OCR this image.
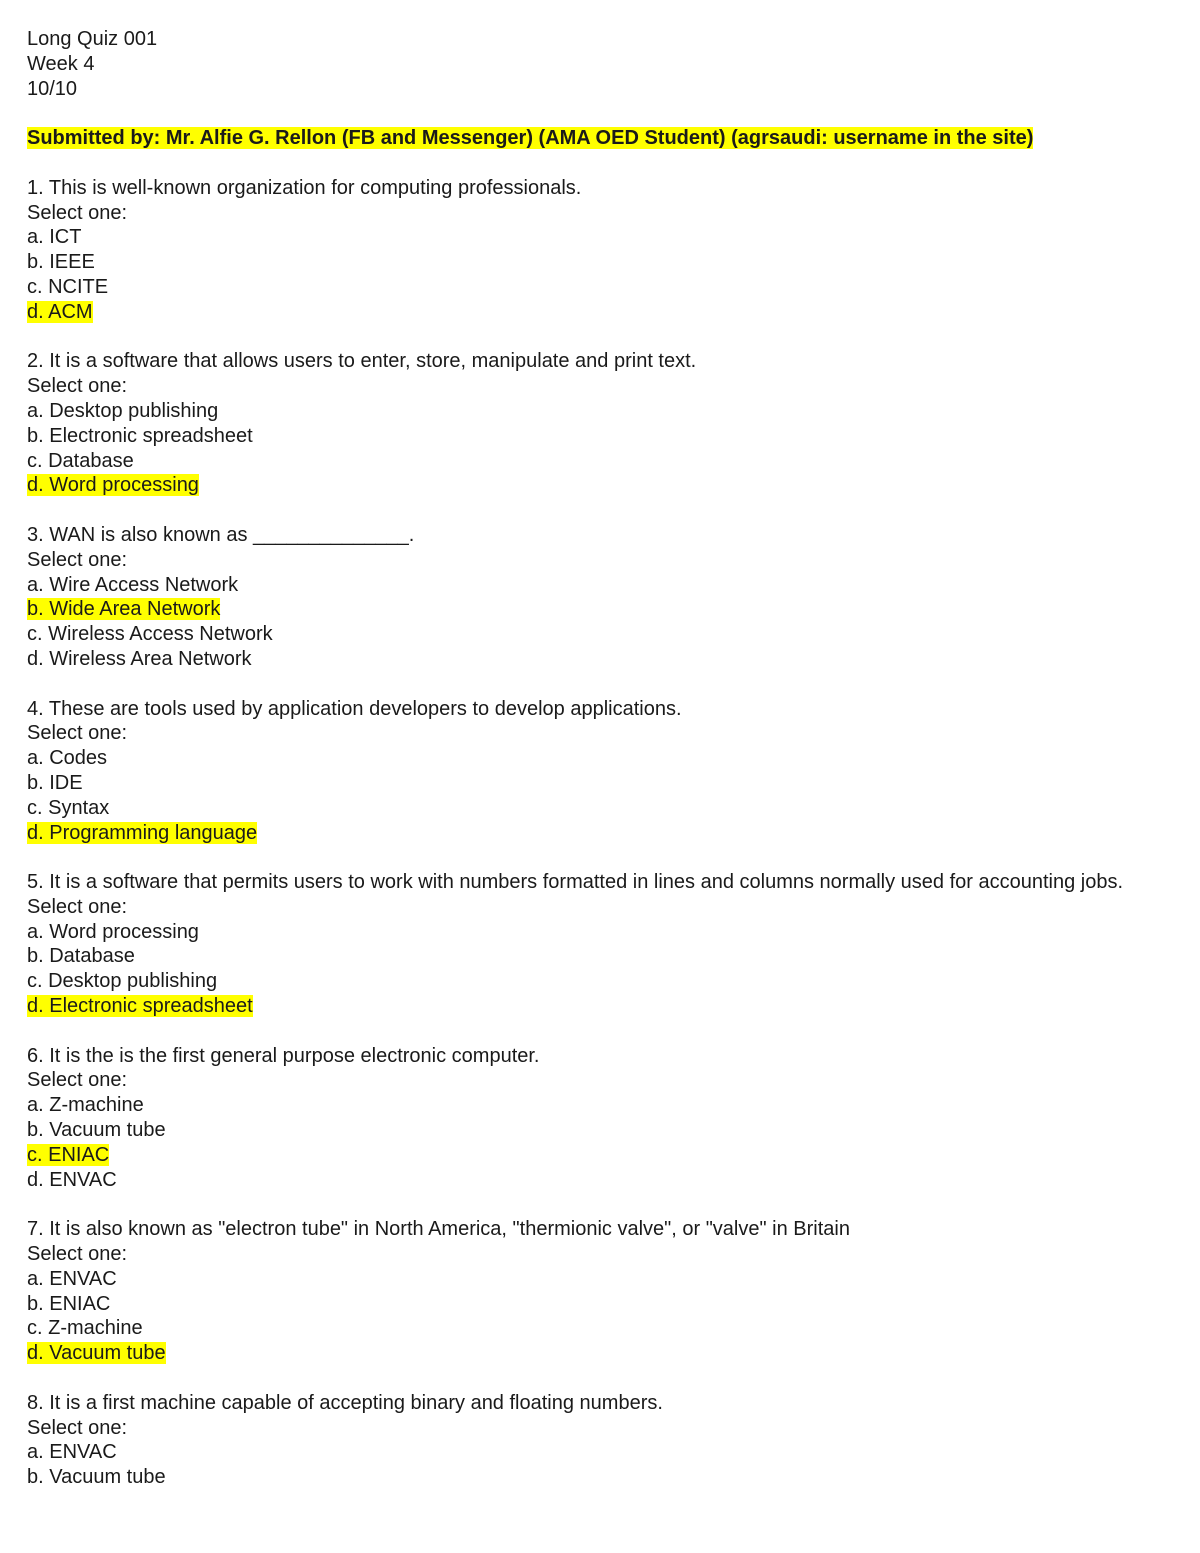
Long Quiz 001
Week 4
10/10
Submitted by: Mr. Alfie G. Rellon (FB and Messenger) (AMA OED Student) (agrsaudi: username in the site)
1. This is well-known organization for computing professionals.
Select one:
a. ICT
b. IEEE
c. NCITE
d. ACM
2. It is a software that allows users to enter, store, manipulate and print text.
Select one:
a. Desktop publishing
b. Electronic spreadsheet
c. Database
d. Word processing
3. WAN is also known as ______________.
Select one:
a. Wire Access Network
b. Wide Area Network
c. Wireless Access Network
d. Wireless Area Network
4. These are tools used by application developers to develop applications.
Select one:
a. Codes
b. IDE
c. Syntax
d. Programming language
5. It is a software that permits users to work with numbers formatted in lines and columns normally used for accounting jobs.
Select one:
a. Word processing
b. Database
c. Desktop publishing
d. Electronic spreadsheet
6. It is the is the first general purpose electronic computer.
Select one:
a. Z-machine
b. Vacuum tube
c. ENIAC
d. ENVAC
7. It is also known as "electron tube" in North America, "thermionic valve", or "valve" in Britain
Select one:
a. ENVAC
b. ENIAC
c. Z-machine
d. Vacuum tube
8. It is a first machine capable of accepting binary and floating numbers.
Select one:
a. ENVAC
b. Vacuum tube
